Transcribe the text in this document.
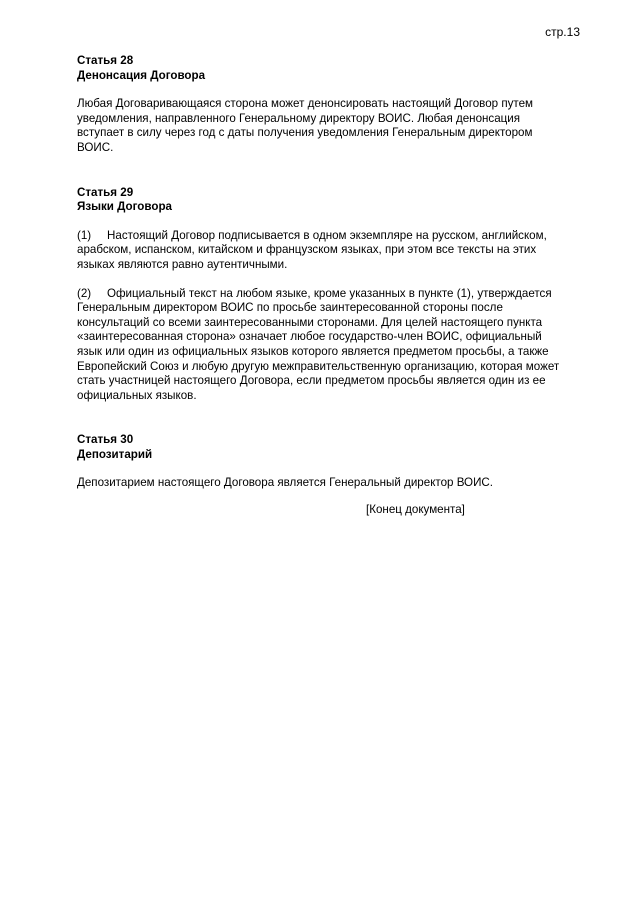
стр.13

Статья 28

Денонсация Договора

Любая Договаривающаяся сторона может денонсировать настоящий Договор путем уведомления, направленного Генеральному директору ВОИС. Любая денонсация вступает в силу через год с даты получения уведомления Генеральным директором ВОИС.

Статья 29

Языки Договора

(1) Настоящий Договор подписывается в одном экземпляре на русском, английском, арабском, испанском, китайском и французском языках, при этом все тексты на этих языках являются равно аутентичными.

(2) Официальный текст на любом языке, кроме указанных в пункте (1), утверждается Генеральным директором ВОИС по просьбе заинтересованной стороны после консультаций со всеми заинтересованными сторонами. Для целей настоящего пункта «заинтересованная сторона» означает любое государство-член ВОИС, официальный язык или один из официальных языков которого является предметом просьбы, а также Европейский Союз и любую другую межправительственную организацию, которая может стать участницей настоящего Договора, если предметом просьбы является один из ее официальных языков.

Статья 30

Депозитарий

Депозитарием настоящего Договора является Генеральный директор ВОИС.

[Конец документа]
